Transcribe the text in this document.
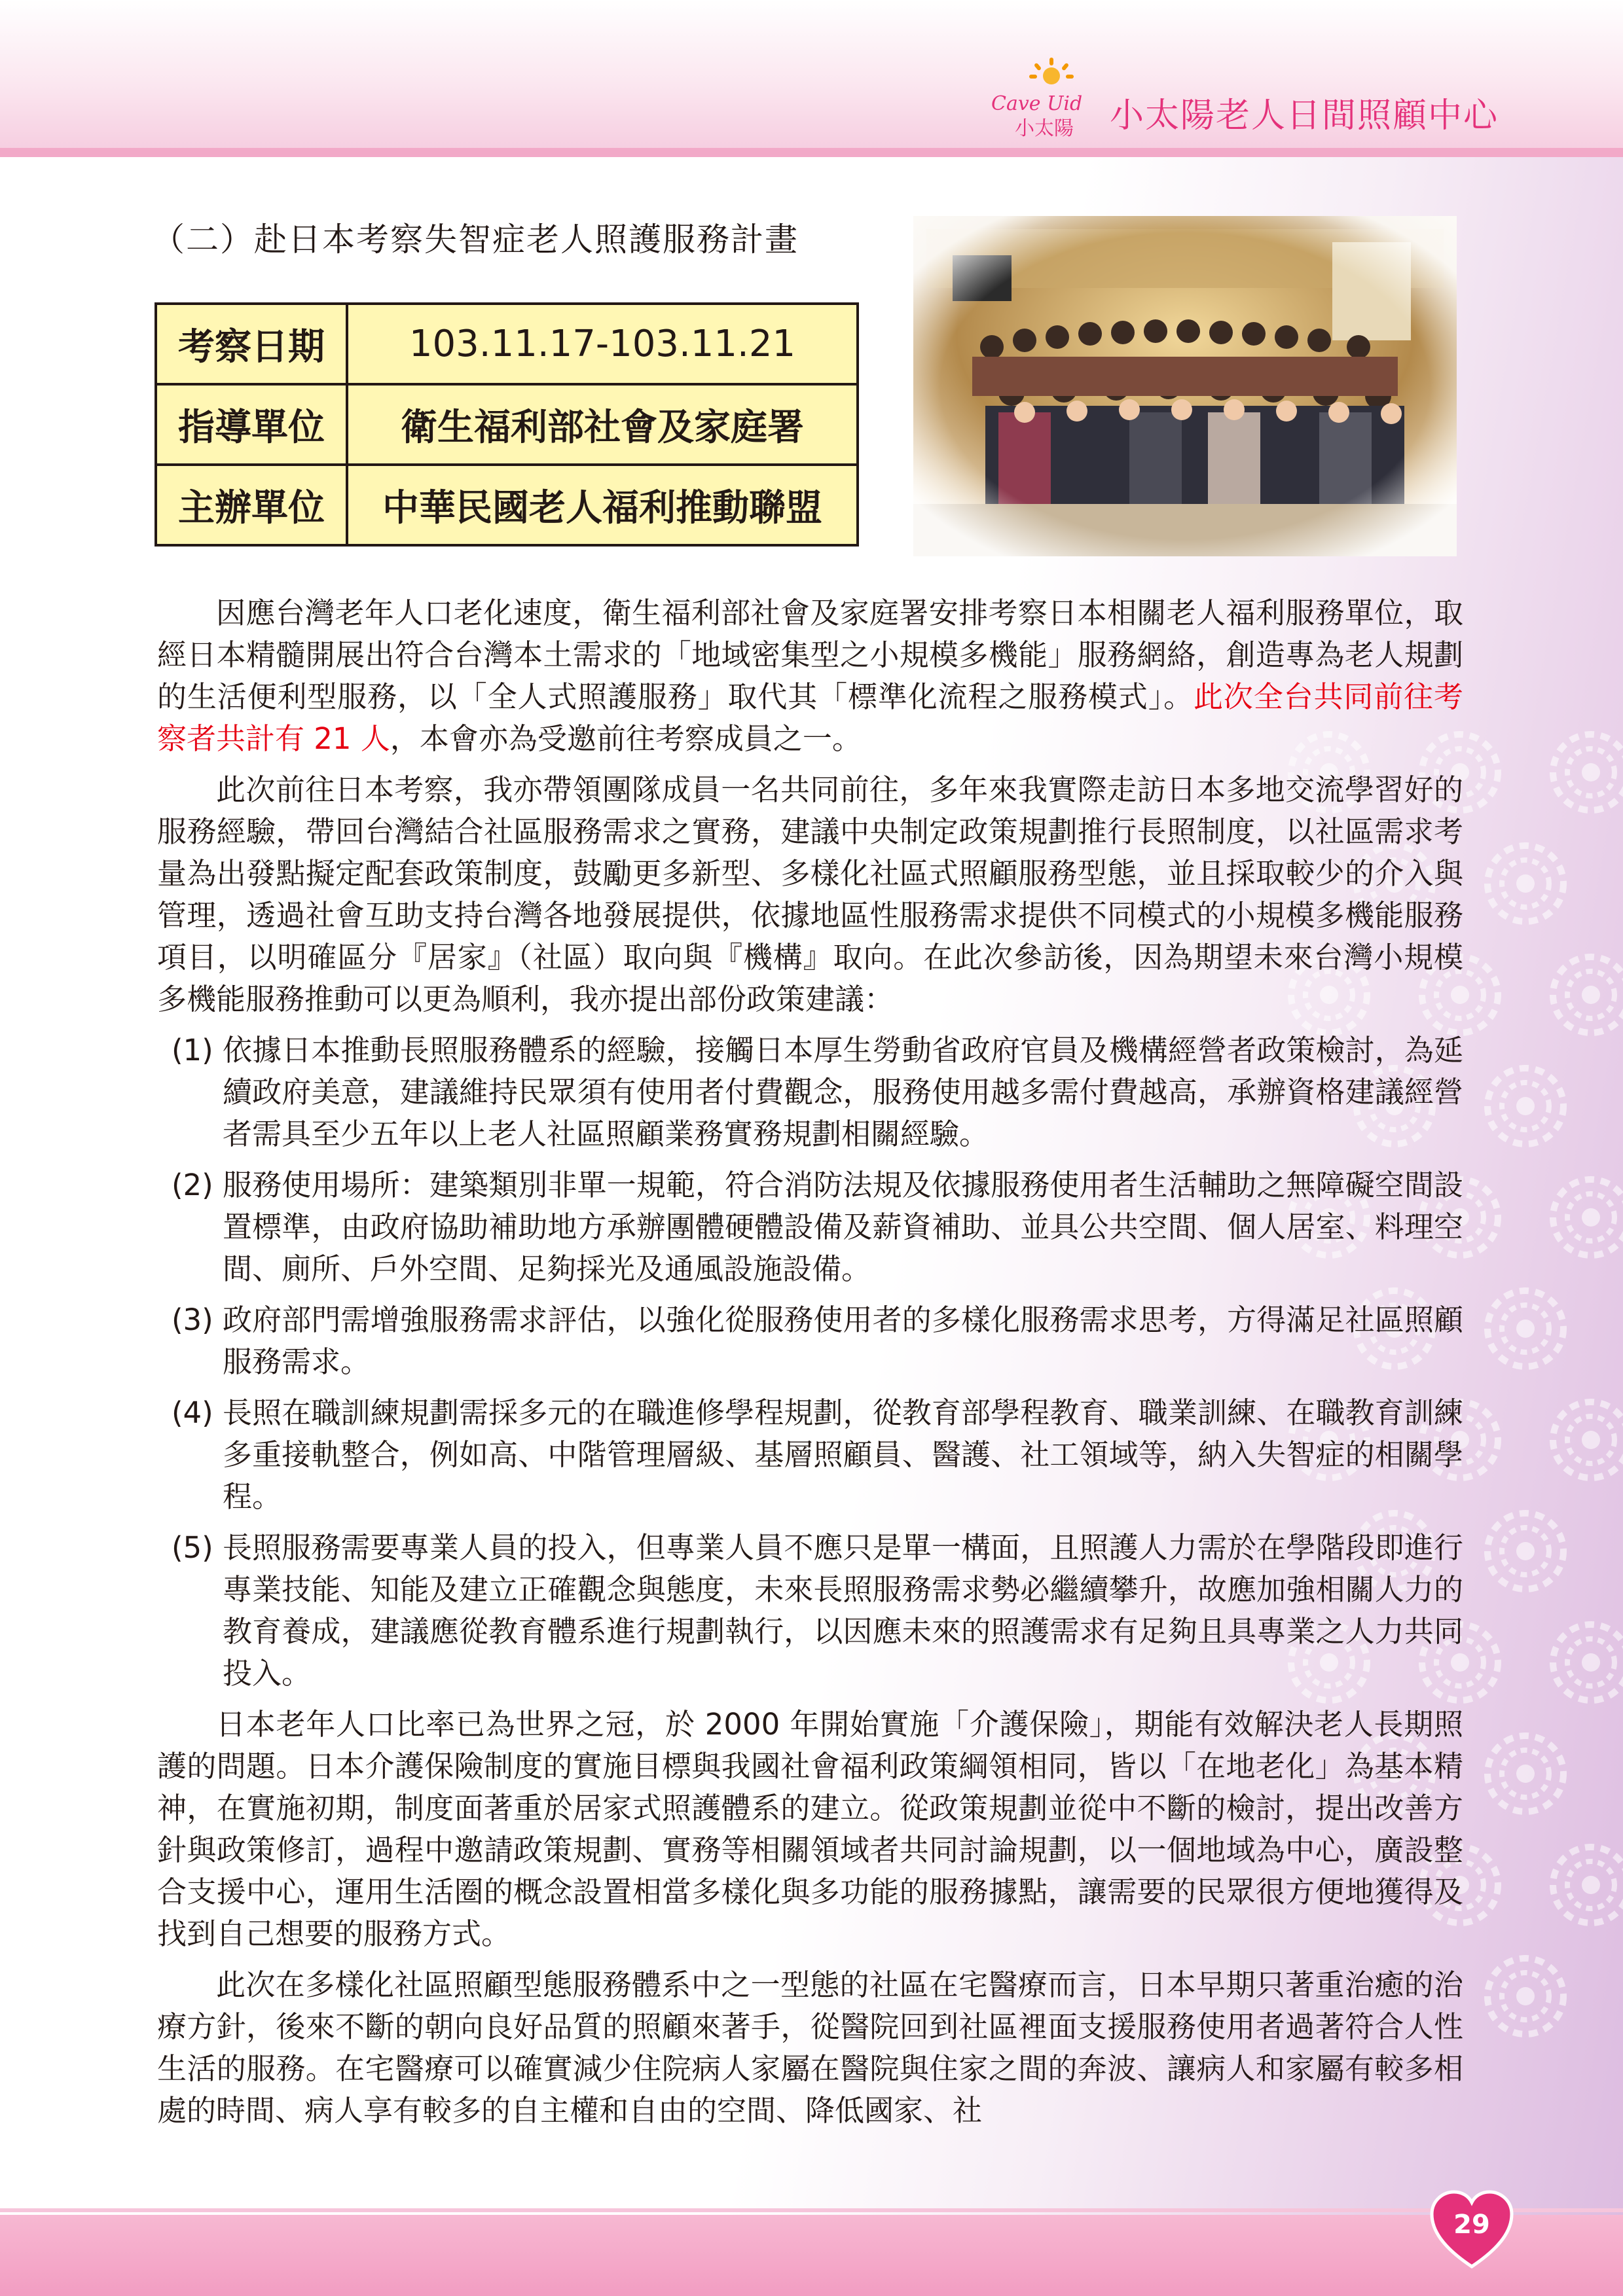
Cave Uid
小太陽 小太陽老人日間照顧中心
（二）赴日本考察失智症老人照護服務計畫
考察日期	103.11.17-103.11.21
指導單位	衛生福利部社會及家庭署
主辦單位	中華民國老人福利推動聯盟

因應台灣老年人口老化速度，衛生福利部社會及家庭署安排考察日本相關老人福利服務單位，取經日本精髓開展出符合台灣本土需求的「地域密集型之小規模多機能」服務網絡，創造專為老人規劃的生活便利型服務，以「全人式照護服務」取代其「標準化流程之服務模式」。此次全台共同前往考察者共計有 21 人，本會亦為受邀前往考察成員之一。

此次前往日本考察，我亦帶領團隊成員一名共同前往，多年來我實際走訪日本多地交流學習好的服務經驗，帶回台灣結合社區服務需求之實務，建議中央制定政策規劃推行長照制度，以社區需求考量為出發點擬定配套政策制度，鼓勵更多新型、多樣化社區式照顧服務型態，並且採取較少的介入與管理，透過社會互助支持台灣各地發展提供，依據地區性服務需求提供不同模式的小規模多機能服務項目，以明確區分『居家』（社區）取向與『機構』取向。在此次參訪後，因為期望未來台灣小規模多機能服務推動可以更為順利，我亦提出部份政策建議：

(1) 依據日本推動長照服務體系的經驗，接觸日本厚生勞動省政府官員及機構經營者政策檢討，為延續政府美意，建議維持民眾須有使用者付費觀念，服務使用越多需付費越高，承辦資格建議經營者需具至少五年以上老人社區照顧業務實務規劃相關經驗。
(2) 服務使用場所：建築類別非單一規範，符合消防法規及依據服務使用者生活輔助之無障礙空間設置標準，由政府協助補助地方承辦團體硬體設備及薪資補助、並具公共空間、個人居室、料理空間、廁所、戶外空間、足夠採光及通風設施設備。
(3) 政府部門需增強服務需求評估，以強化從服務使用者的多樣化服務需求思考，方得滿足社區照顧服務需求。
(4) 長照在職訓練規劃需採多元的在職進修學程規劃，從教育部學程教育、職業訓練、在職教育訓練多重接軌整合，例如高、中階管理層級、基層照顧員、醫護、社工領域等，納入失智症的相關學程。
(5) 長照服務需要專業人員的投入，但專業人員不應只是單一構面，且照護人力需於在學階段即進行專業技能、知能及建立正確觀念與態度，未來長照服務需求勢必繼續攀升，故應加強相關人力的教育養成，建議應從教育體系進行規劃執行，以因應未來的照護需求有足夠且具專業之人力共同投入。

日本老年人口比率已為世界之冠，於 2000 年開始實施「介護保險」，期能有效解決老人長期照護的問題。日本介護保險制度的實施目標與我國社會福利政策綱領相同，皆以「在地老化」為基本精神，在實施初期，制度面著重於居家式照護體系的建立。從政策規劃並從中不斷的檢討，提出改善方針與政策修訂，過程中邀請政策規劃、實務等相關領域者共同討論規劃，以一個地域為中心，廣設整合支援中心，運用生活圈的概念設置相當多樣化與多功能的服務據點，讓需要的民眾很方便地獲得及找到自己想要的服務方式。

此次在多樣化社區照顧型態服務體系中之一型態的社區在宅醫療而言，日本早期只著重治癒的治療方針，後來不斷的朝向良好品質的照顧來著手，從醫院回到社區裡面支援服務使用者過著符合人性生活的服務。在宅醫療可以確實減少住院病人家屬在醫院與住家之間的奔波、讓病人和家屬有較多相處的時間、病人享有較多的自主權和自由的空間、降低國家、社

29
